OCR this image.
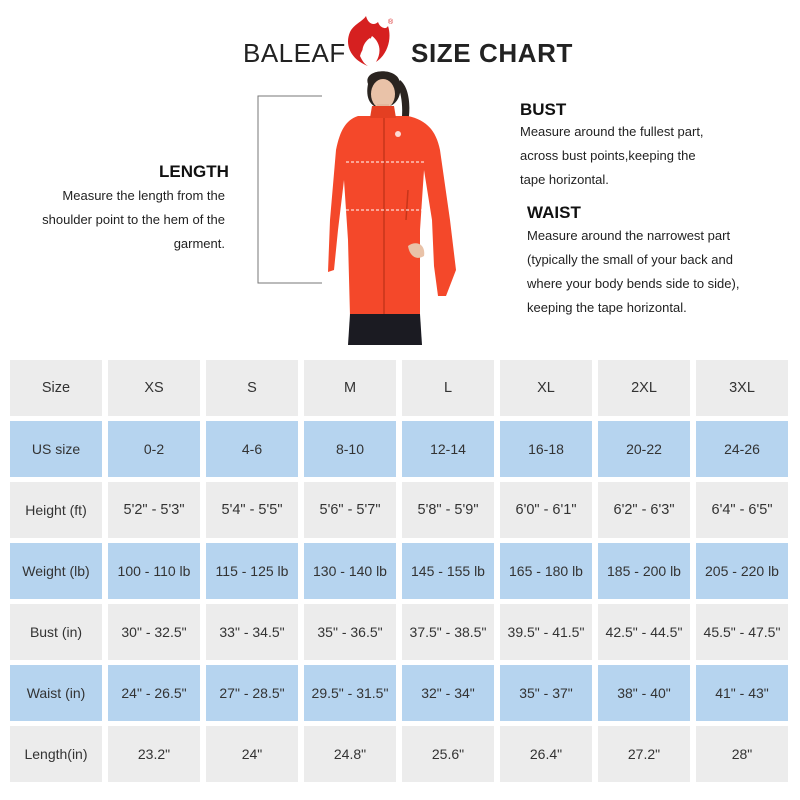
BALEAF
®
SIZE CHART
LENGTH
Measure the length from the
shoulder point to the hem of the
garment.
BUST
Measure around the fullest part,
across bust points,keeping the
tape horizontal.
WAIST
Measure around the narrowest part
(typically the small of your back and
where your body bends side to side),
keeping the tape horizontal.
Size	XS	S	M	L	XL	2XL	3XL
US size	0-2	4-6	8-10	12-14	16-18	20-22	24-26
Height (ft)	5'2" - 5'3"	5'4" - 5'5"	5'6" - 5'7"	5'8" - 5'9"	6'0" - 6'1"	6'2" - 6'3"	6'4" - 6'5"
Weight (lb)	100 - 110 lb	115 - 125 lb	130 - 140 lb	145 - 155 lb	165 - 180 lb	185 - 200 lb	205 - 220 lb
Bust (in)	30" - 32.5"	33" - 34.5"	35" - 36.5"	37.5" - 38.5"	39.5" - 41.5"	42.5" - 44.5"	45.5" - 47.5"
Waist (in)	24" - 26.5"	27" - 28.5"	29.5" - 31.5"	32" - 34"	35" - 37"	38" - 40"	41" - 43"
Length(in)	23.2"	24"	24.8"	25.6"	26.4"	27.2"	28"
